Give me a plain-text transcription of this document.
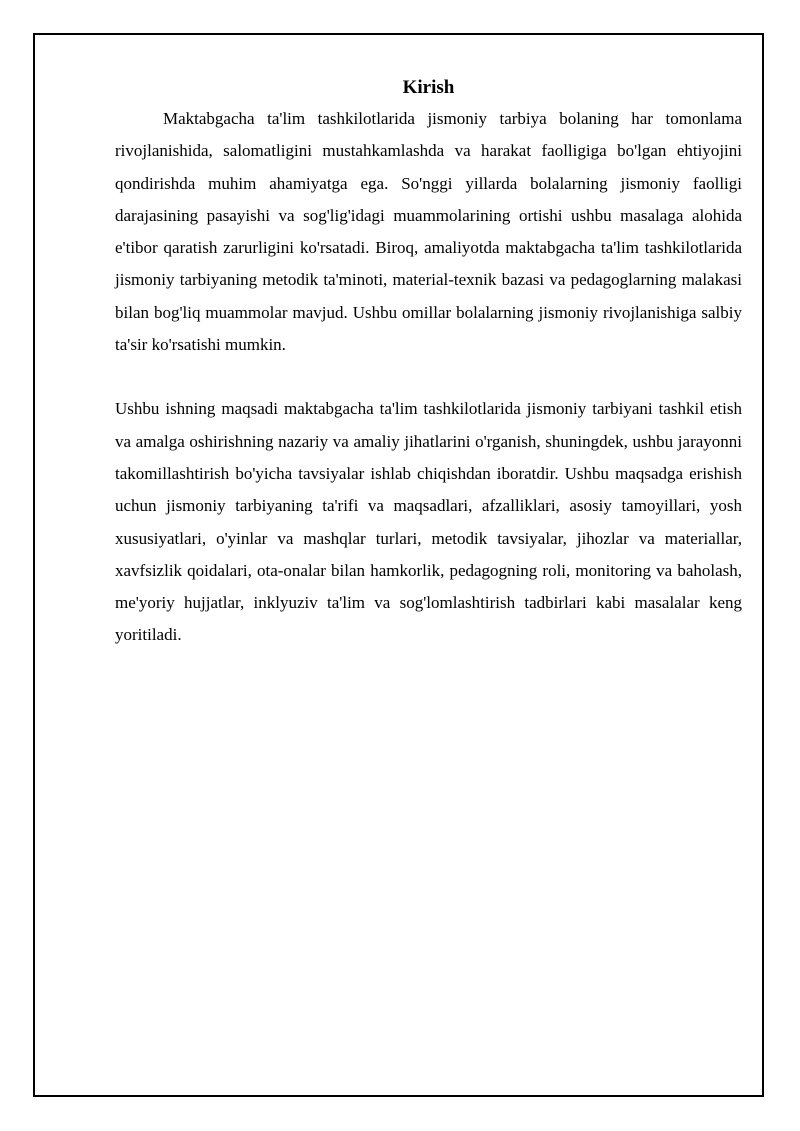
Kirish

Maktabgacha ta'lim tashkilotlarida jismoniy tarbiya bolaning har tomonlama rivojlanishida, salomatligini mustahkamlashda va harakat faolligiga bo'lgan ehtiyojini qondirishda muhim ahamiyatga ega. So'nggi yillarda bolalarning jismoniy faolligi darajasining pasayishi va sog'lig'idagi muammolarining ortishi ushbu masalaga alohida e'tibor qaratish zarurligini ko'rsatadi. Biroq, amaliyotda maktabgacha ta'lim tashkilotlarida jismoniy tarbiyaning metodik ta'minoti, material-texnik bazasi va pedagoglarning malakasi bilan bog'liq muammolar mavjud. Ushbu omillar bolalarning jismoniy rivojlanishiga salbiy ta'sir ko'rsatishi mumkin.

Ushbu ishning maqsadi maktabgacha ta'lim tashkilotlarida jismoniy tarbiyani tashkil etish va amalga oshirishning nazariy va amaliy jihatlarini o'rganish, shuningdek, ushbu jarayonni takomillashtirish bo'yicha tavsiyalar ishlab chiqishdan iboratdir. Ushbu maqsadga erishish uchun jismoniy tarbiyaning ta'rifi va maqsadlari, afzalliklari, asosiy tamoyillari, yosh xususiyatlari, o'yinlar va mashqlar turlari, metodik tavsiyalar, jihozlar va materiallar, xavfsizlik qoidalari, ota-onalar bilan hamkorlik, pedagogning roli, monitoring va baholash, me'yoriy hujjatlar, inklyuziv ta'lim va sog'lomlashtirish tadbirlari kabi masalalar keng yoritiladi.
